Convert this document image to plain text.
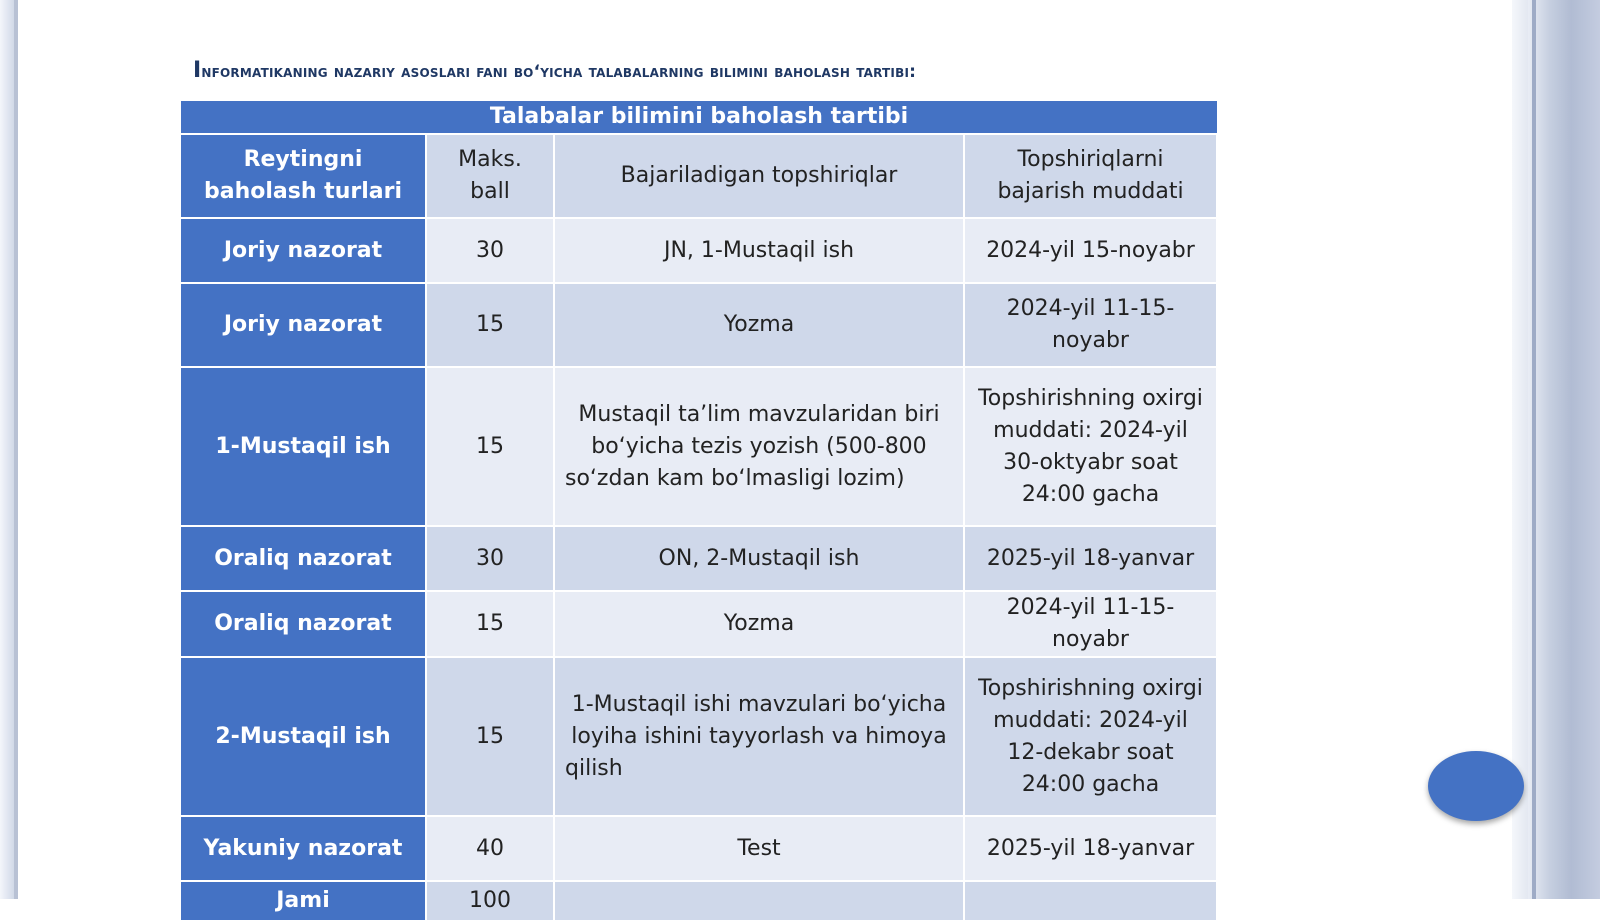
Informatikaning nazariy asoslari fani bo‘yicha talabalarning bilimini baholash tartibi:
Talabalar bilimini baholash tartibi			
Reytingni baholash turlari	Maks. ball	Bajariladigan topshiriqlar	Topshiriqlarni bajarish muddati
Joriy nazorat	30	JN, 1-Mustaqil ish	2024-yil 15-noyabr
Joriy nazorat	15	Yozma	2024-yil 11-15-noyabr
1-Mustaqil ish	15	Mustaqil ta’lim mavzularidan biri bo‘yicha tezis yozish (500-800 so‘zdan kam bo‘lmasligi lozim)	Topshirishning oxirgi muddati: 2024-yil 30-oktyabr soat 24:00 gacha
Oraliq nazorat	30	ON, 2-Mustaqil ish	2025-yil 18-yanvar
Oraliq nazorat	15	Yozma	2024-yil 11-15-noyabr
2-Mustaqil ish	15	1-Mustaqil ishi mavzulari bo‘yicha loyiha ishini tayyorlash va himoya qilish	Topshirishning oxirgi muddati: 2024-yil 12-dekabr soat 24:00 gacha
Yakuniy nazorat	40	Test	2025-yil 18-yanvar
Jami	100		
